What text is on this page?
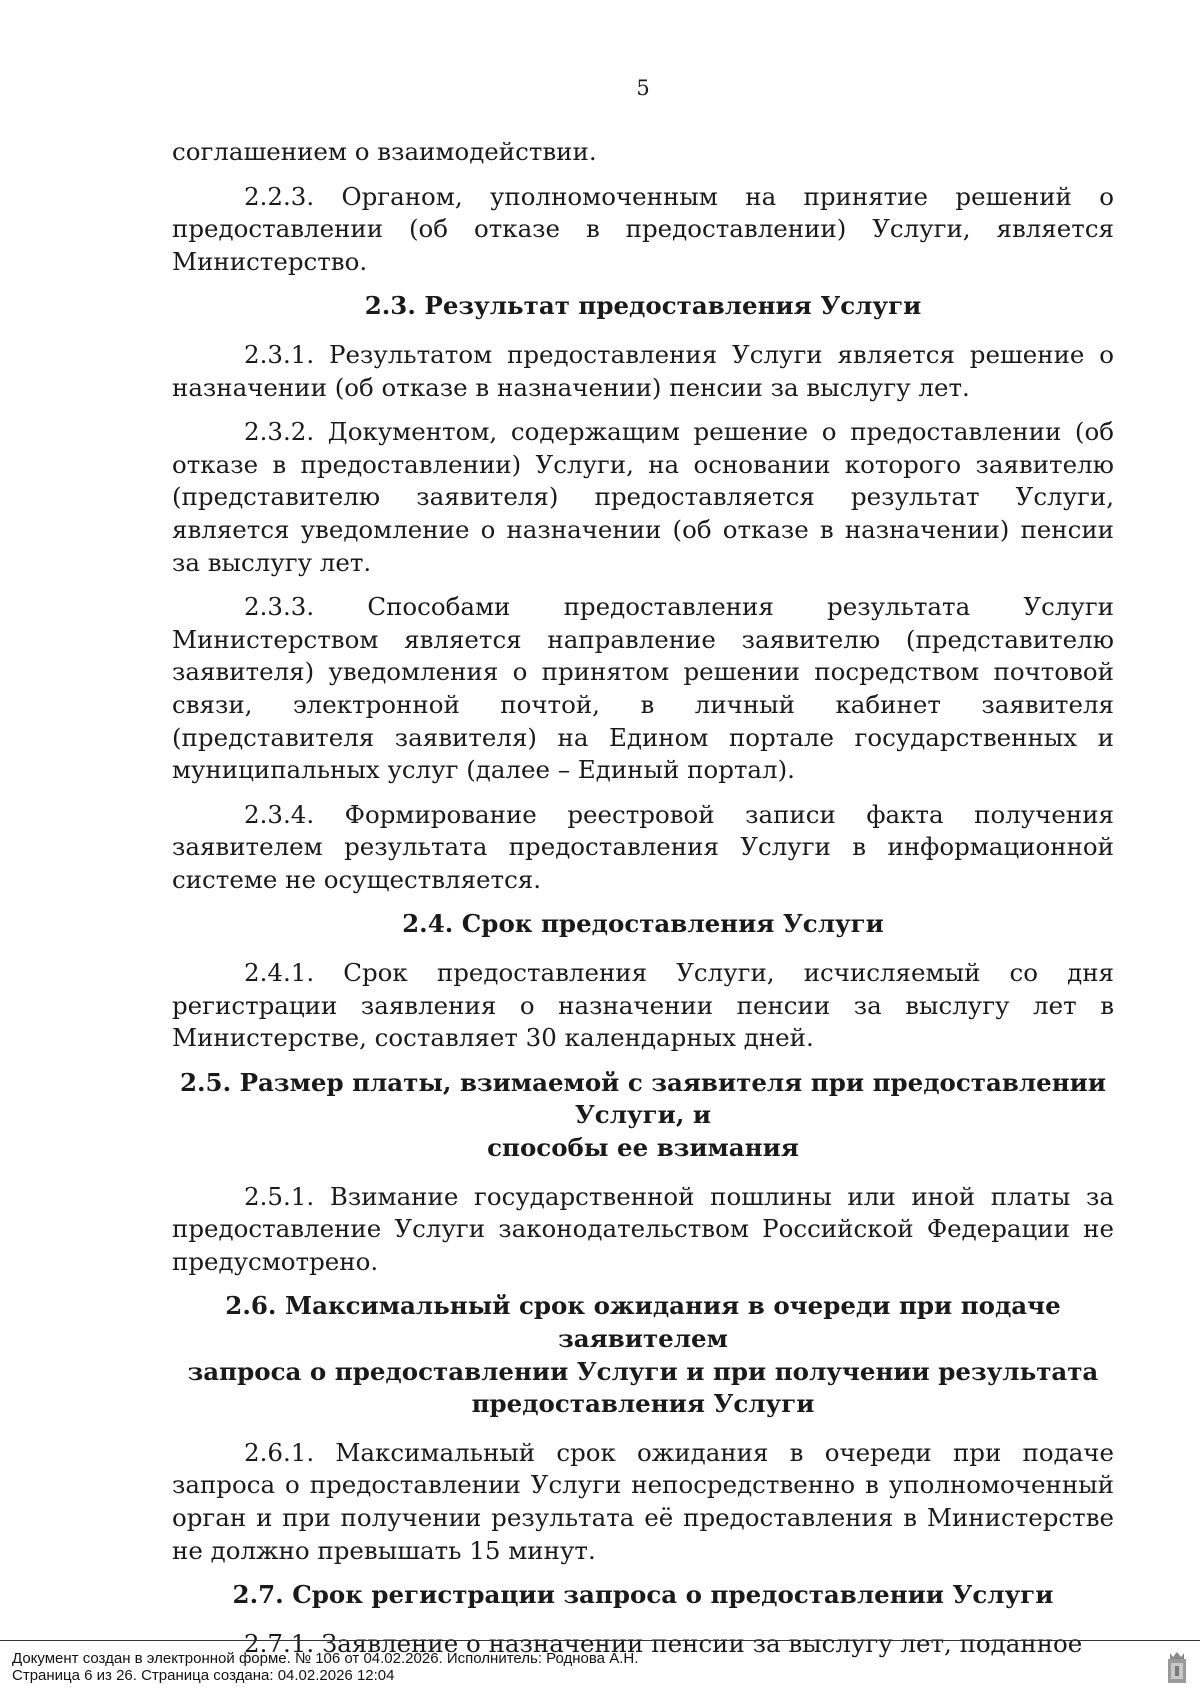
5

соглашением о взаимодействии.

2.2.3. Органом, уполномоченным на принятие решений о предоставлении (об отказе в предоставлении) Услуги, является Министерство.

2.3. Результат предоставления Услуги

2.3.1. Результатом предоставления Услуги является решение о назначении (об отказе в назначении) пенсии за выслугу лет.

2.3.2. Документом, содержащим решение о предоставлении (об отказе в предоставлении) Услуги, на основании которого заявителю (представителю заявителя) предоставляется результат Услуги, является уведомление о назначении (об отказе в назначении) пенсии за выслугу лет.

2.3.3. Способами предоставления результата Услуги Министерством является направление заявителю (представителю заявителя) уведомления о принятом решении посредством почтовой связи, электронной почтой, в личный кабинет заявителя (представителя заявителя) на Едином портале государственных и муниципальных услуг (далее – Единый портал).

2.3.4. Формирование реестровой записи факта получения заявителем результата предоставления Услуги в информационной системе не осуществляется.

2.4. Срок предоставления Услуги

2.4.1. Срок предоставления Услуги, исчисляемый со дня регистрации заявления о назначении пенсии за выслугу лет в Министерстве, составляет 30 календарных дней.

2.5. Размер платы, взимаемой с заявителя при предоставлении Услуги, и
способы ее взимания

2.5.1. Взимание государственной пошлины или иной платы за предоставление Услуги законодательством Российской Федерации не предусмотрено.

2.6. Максимальный срок ожидания в очереди при подаче заявителем
запроса о предоставлении Услуги и при получении результата
предоставления Услуги

2.6.1. Максимальный срок ожидания в очереди при подаче запроса о предоставлении Услуги непосредственно в уполномоченный орган и при получении результата её предоставления в Министерстве не должно превышать 15 минут.

2.7. Срок регистрации запроса о предоставлении Услуги

2.7.1. Заявление о назначении пенсии за выслугу лет, поданное

Документ создан в электронной форме. № 106 от 04.02.2026. Исполнитель: Роднова А.Н.
Страница 6 из 26. Страница создана: 04.02.2026 12:04
